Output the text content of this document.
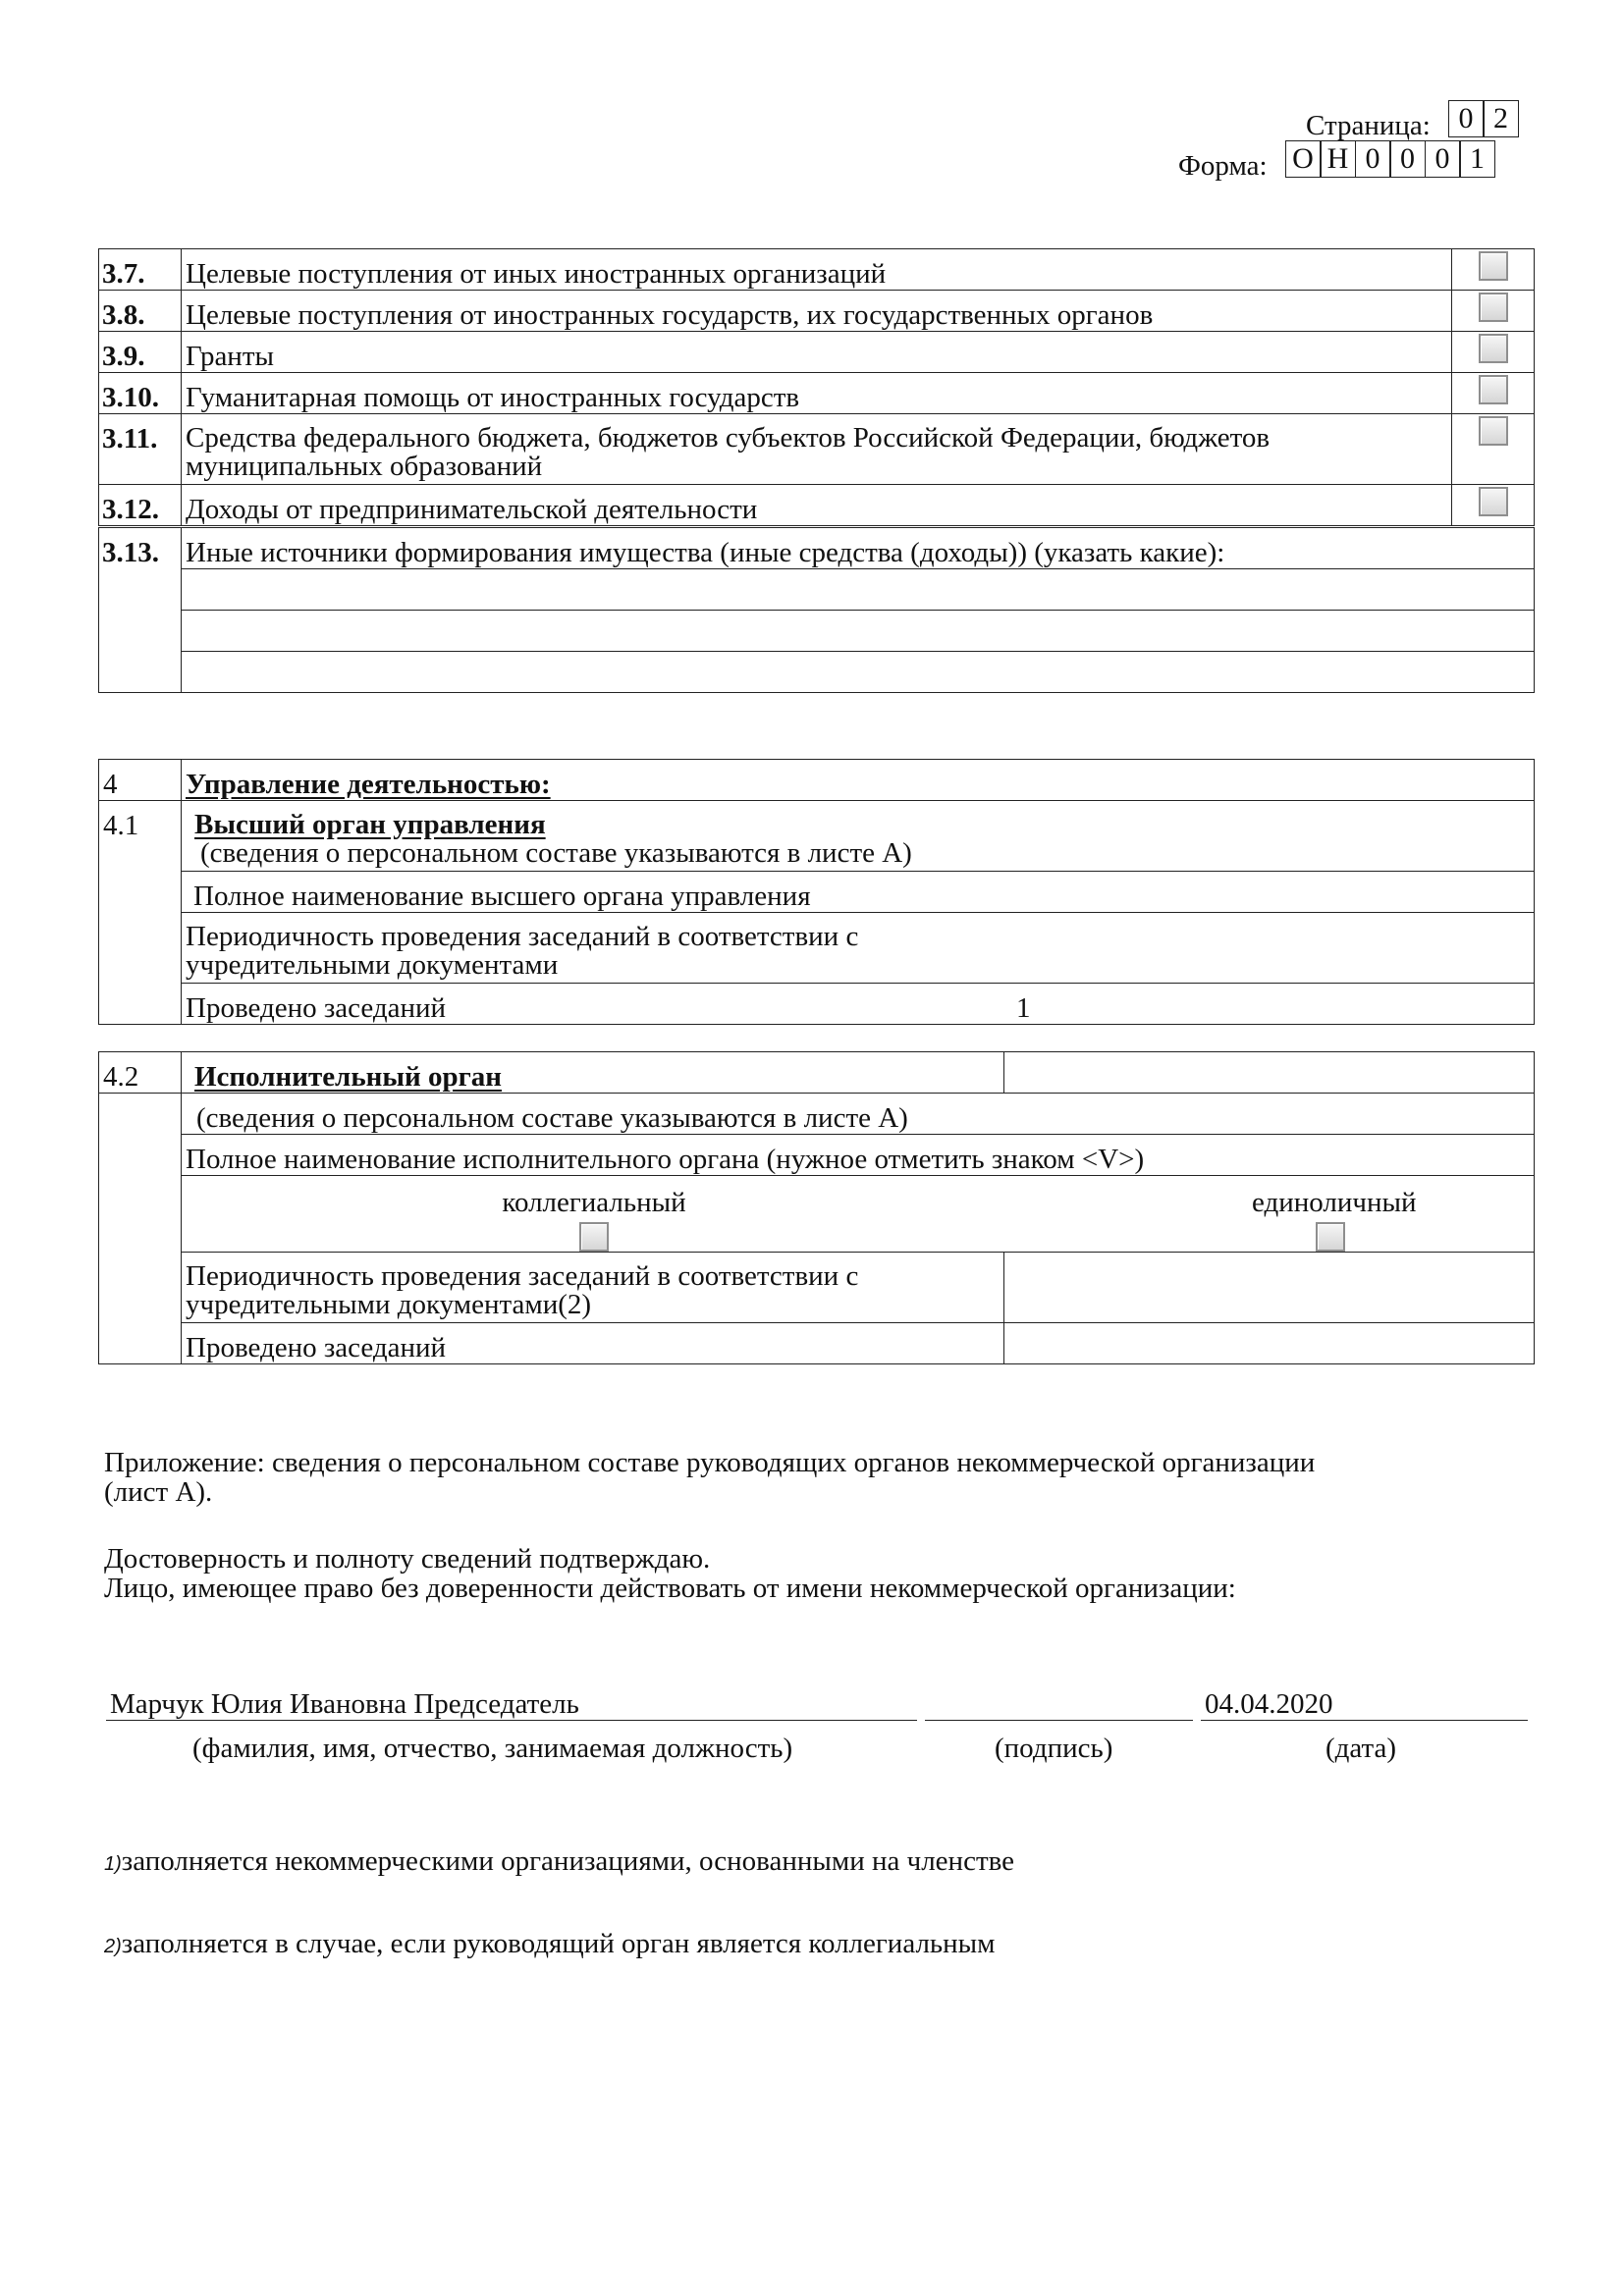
Страница: 0 2
Форма: О Н 0 0 0 1
3.7.	Целевые поступления от иных иностранных организаций	
3.8.	Целевые поступления от иностранных государств, их государственных органов	
3.9.	Гранты	
3.10.	Гуманитарная помощь от иностранных государств	
3.11.	Средства федерального бюджета, бюджетов субъектов Российской Федерации, бюджетов
муниципальных образований	

3.12.	Доходы от предпринимательской деятельности	
3.13.	Иные источники формирования имущества (иные средства (доходы)) (указать какие):

4	Управление деятельностью:
4.1	Высший орган управления
(сведения о персональном составе указываются в листе А)

	Полное наименование высшего органа управления

	Периодичность проведения заседаний в соответствии с
учредительными документами

	Проведено заседаний 1
4.2	Исполнительный орган	
	(сведения о персональном составе указываются в листе А)	
	Полное наименование исполнительного органа (нужное отметить знаком <V>)	

	коллегиальный единоличный	

	Периодичность проведения заседаний в соответствии с
учредительными документами(2)	

	Проведено заседаний	
Приложение: сведения о персональном составе руководящих органов некоммерческой организации
(лист А).
Достоверность и полноту сведений подтверждаю.
Лицо, имеющее право без доверенности действовать от имени некоммерческой организации:
Марчук Юлия Ивановна Председатель	04.04.2020
(фамилия, имя, отчество, занимаемая должность)	(подпись)	(дата)
1)заполняется некоммерческими организациями, основанными на членстве
2)заполняется в случае, если руководящий орган является коллегиальным
